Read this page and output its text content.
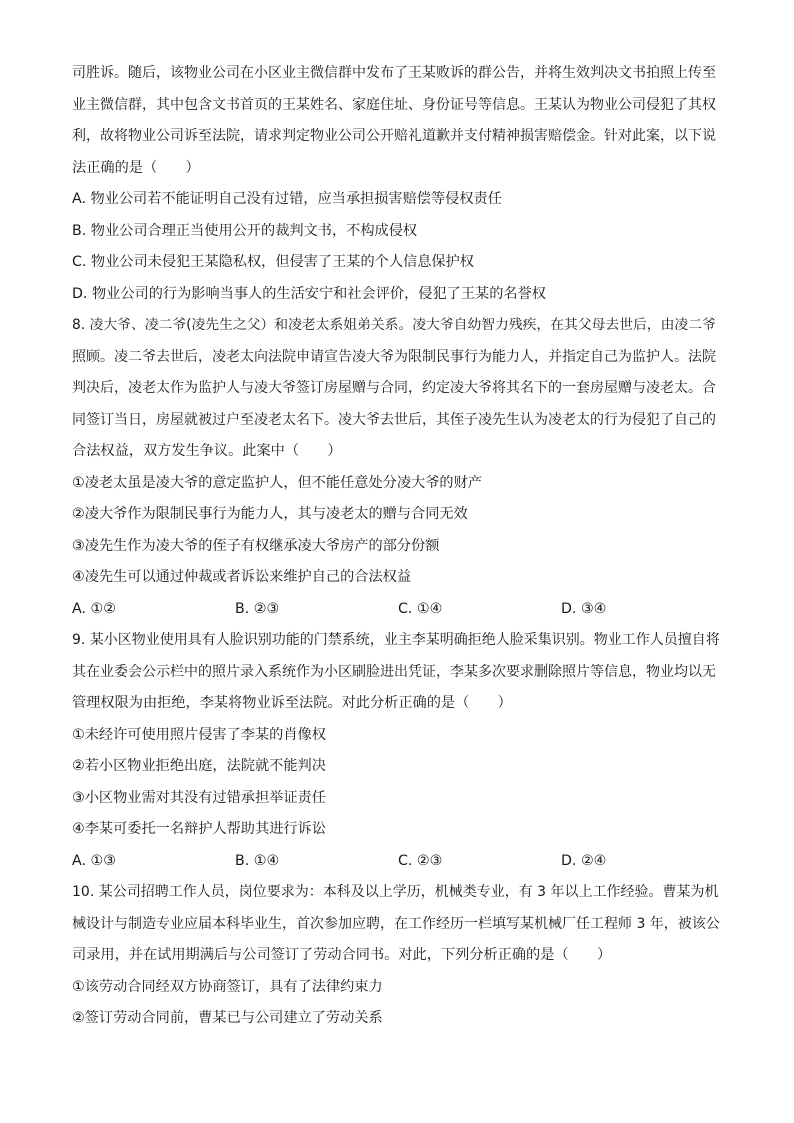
司胜诉。随后，该物业公司在小区业主微信群中发布了王某败诉的群公告，并将生效判决文书拍照上传至

业主微信群，其中包含文书首页的王某姓名、家庭住址、身份证号等信息。王某认为物业公司侵犯了其权

利，故将物业公司诉至法院，请求判定物业公司公开赔礼道歉并支付精神损害赔偿金。针对此案，以下说

法正确的是（　　）

A. 物业公司若不能证明自己没有过错，应当承担损害赔偿等侵权责任

B. 物业公司合理正当使用公开的裁判文书，不构成侵权

C. 物业公司未侵犯王某隐私权，但侵害了王某的个人信息保护权

D. 物业公司的行为影响当事人的生活安宁和社会评价，侵犯了王某的名誉权

8. 凌大爷、凌二爷(凌先生之父）和凌老太系姐弟关系。凌大爷自幼智力残疾，在其父母去世后，由凌二爷

照顾。凌二爷去世后，凌老太向法院申请宣告凌大爷为限制民事行为能力人，并指定自己为监护人。法院

判决后，凌老太作为监护人与凌大爷签订房屋赠与合同，约定凌大爷将其名下的一套房屋赠与凌老太。合

同签订当日，房屋就被过户至凌老太名下。凌大爷去世后，其侄子凌先生认为凌老太的行为侵犯了自己的

合法权益，双方发生争议。此案中（　　）

①凌老太虽是凌大爷的意定监护人，但不能任意处分凌大爷的财产

②凌大爷作为限制民事行为能力人，其与凌老太的赠与合同无效

③凌先生作为凌大爷的侄子有权继承凌大爷房产的部分份额

④凌先生可以通过仲裁或者诉讼来维护自己的合法权益

A. ①②	B. ②③	C. ①④	D. ③④

9. 某小区物业使用具有人脸识别功能的门禁系统，业主李某明确拒绝人脸采集识别。物业工作人员擅自将

其在业委会公示栏中的照片录入系统作为小区刷脸进出凭证，李某多次要求删除照片等信息，物业均以无

管理权限为由拒绝，李某将物业诉至法院。对此分析正确的是（　　）

①未经许可使用照片侵害了李某的肖像权

②若小区物业拒绝出庭，法院就不能判决

③小区物业需对其没有过错承担举证责任

④李某可委托一名辩护人帮助其进行诉讼

A. ①③	B. ①④	C. ②③	D. ②④

10. 某公司招聘工作人员，岗位要求为：本科及以上学历，机械类专业，有 3 年以上工作经验。曹某为机

械设计与制造专业应届本科毕业生，首次参加应聘，在工作经历一栏填写某机械厂任工程师 3 年，被该公

司录用，并在试用期满后与公司签订了劳动合同书。对此，下列分析正确的是（　　）

①该劳动合同经双方协商签订，具有了法律约束力

②签订劳动合同前，曹某已与公司建立了劳动关系
